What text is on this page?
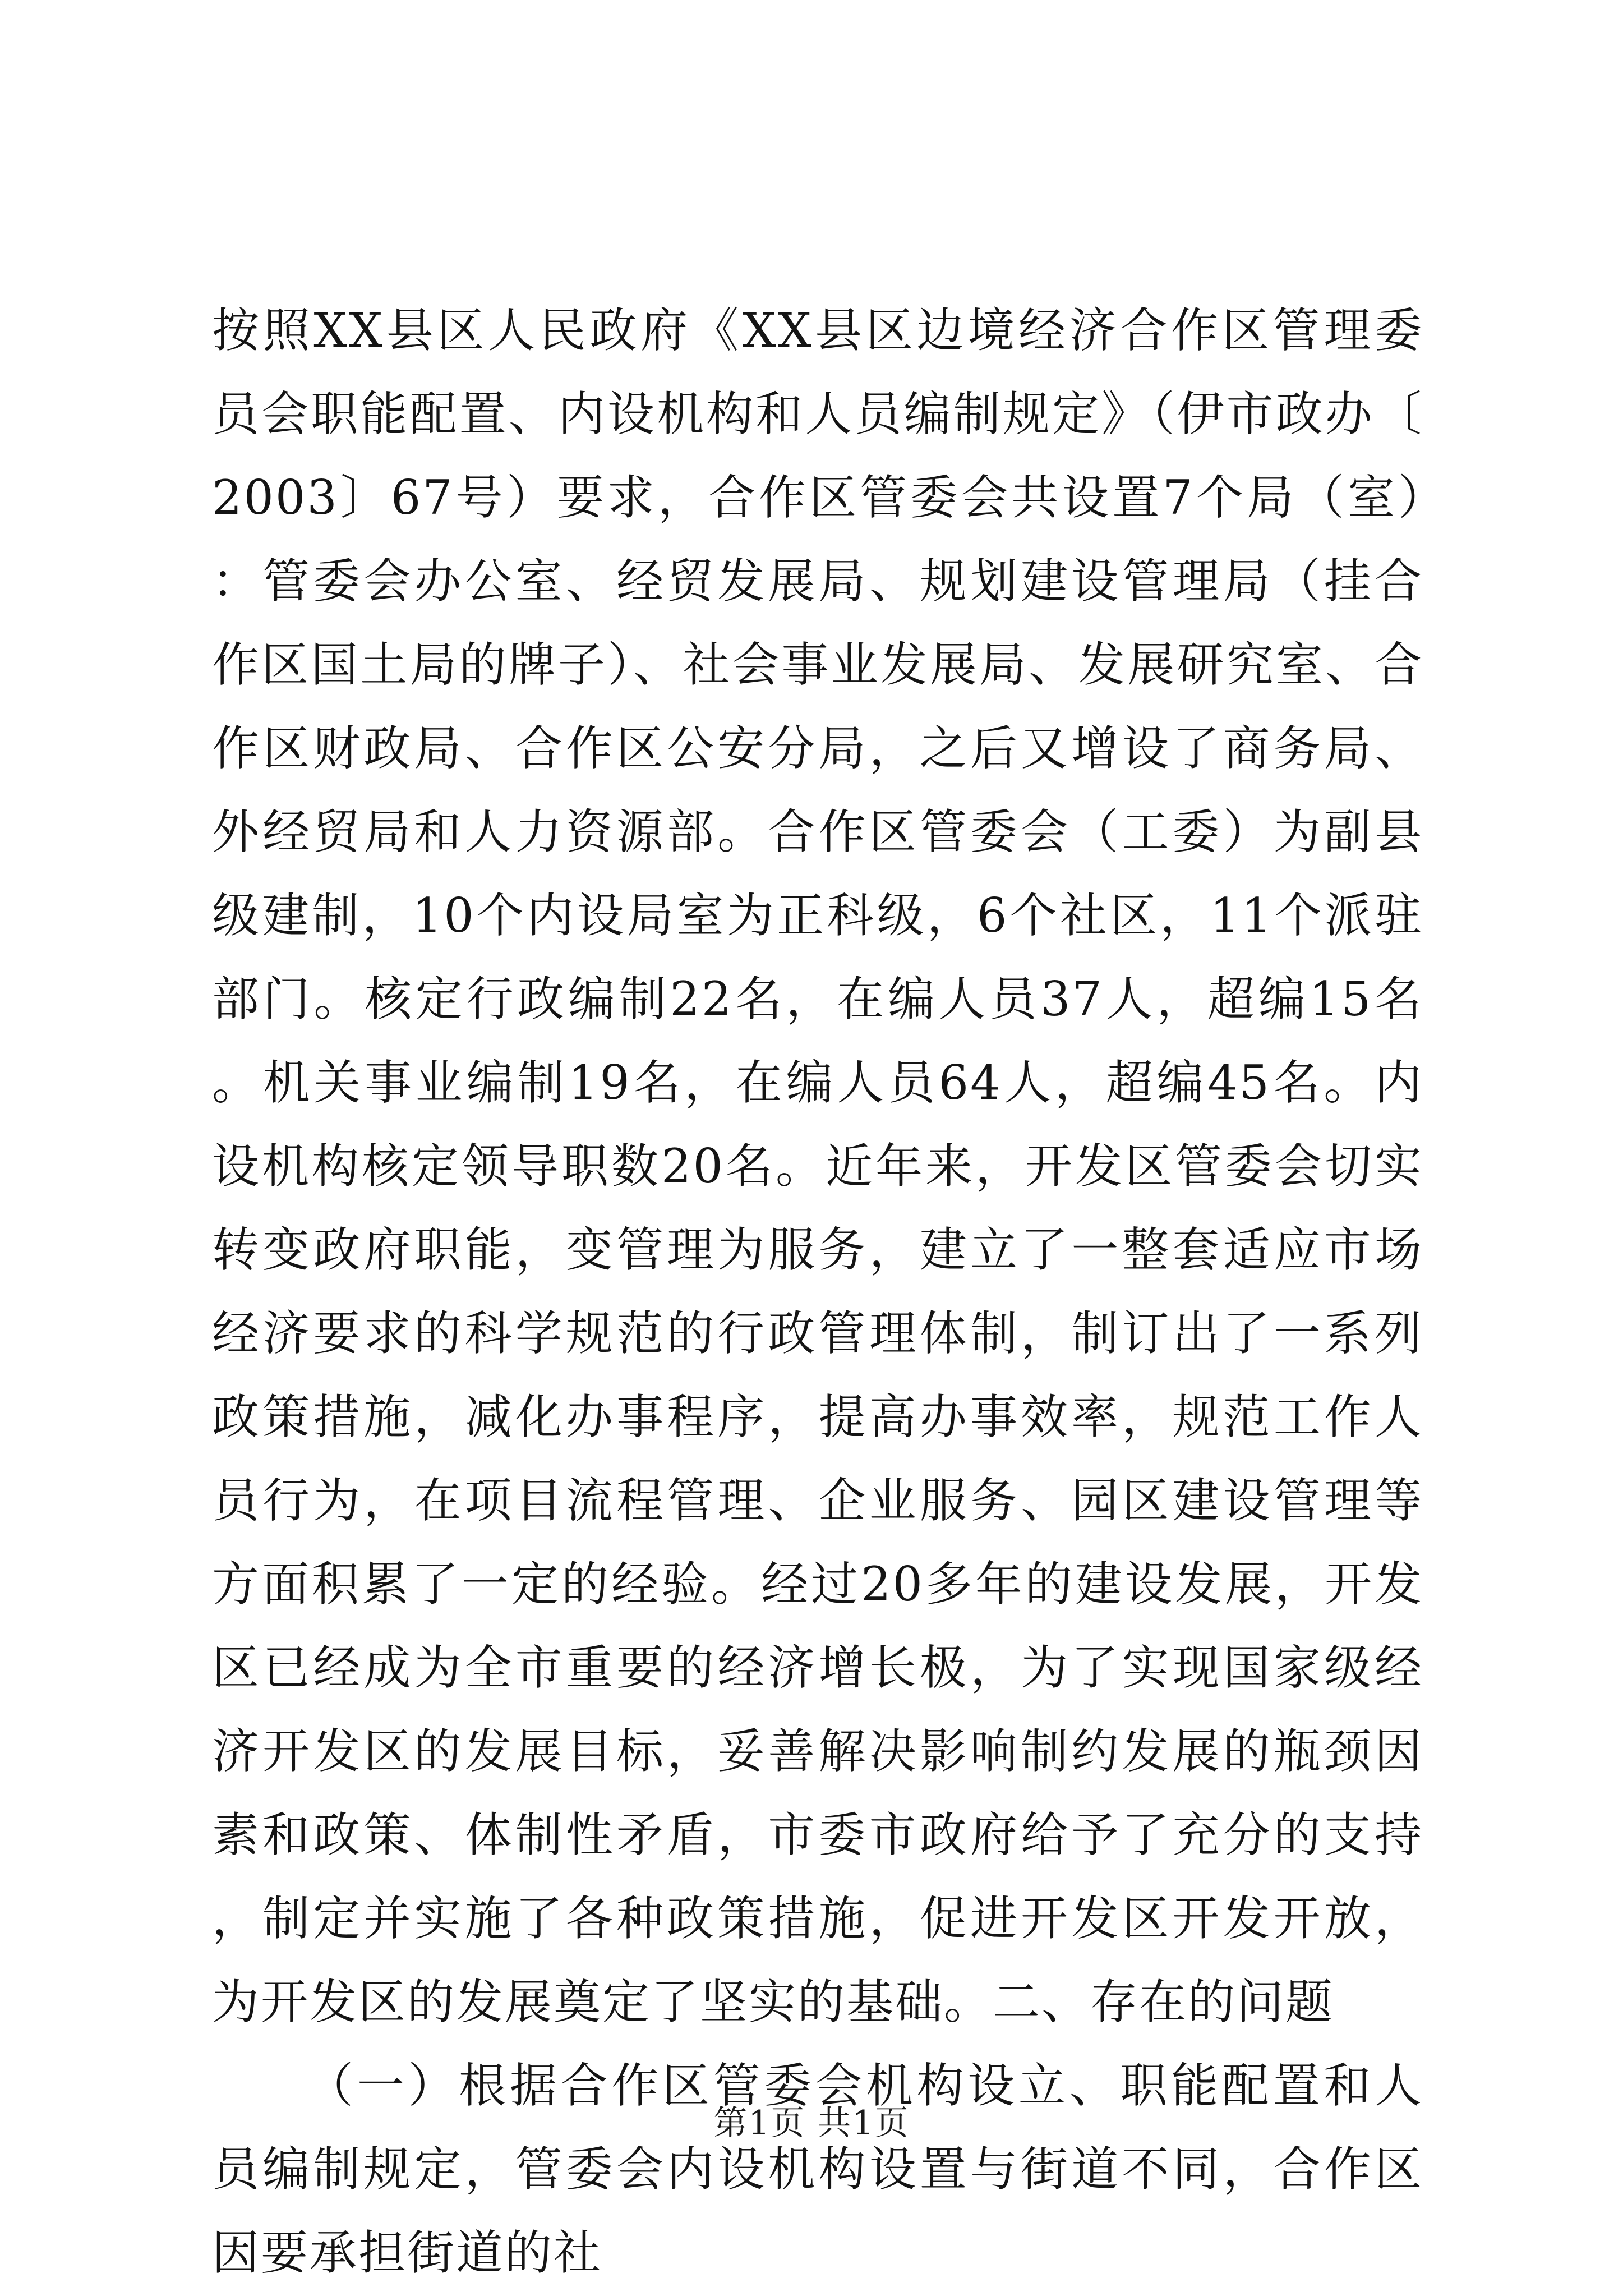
按照XX县区人民政府《XX县区边境经济合作区管理委员会职能配置、内设机构和人员编制规定》（伊市政办〔2003〕67号）要求，合作区管委会共设置7个局（室）：管委会办公室、经贸发展局、规划建设管理局（挂合作区国土局的牌子）、社会事业发展局、发展研究室、合作区财政局、合作区公安分局，之后又增设了商务局、外经贸局和人力资源部。合作区管委会（工委）为副县级建制，10个内设局室为正科级，6个社区，11个派驻部门。核定行政编制22名，在编人员37人，超编15名。机关事业编制19名，在编人员64人，超编45名。内设机构核定领导职数20名。近年来，开发区管委会切实转变政府职能，变管理为服务，建立了一整套适应市场经济要求的科学规范的行政管理体制，制订出了一系列政策措施，减化办事程序，提高办事效率，规范工作人员行为，在项目流程管理、企业服务、园区建设管理等方面积累了一定的经验。经过20多年的建设发展，开发区已经成为全市重要的经济增长极，为了实现国家级经济开发区的发展目标，妥善解决影响制约发展的瓶颈因素和政策、体制性矛盾，市委市政府给予了充分的支持，制定并实施了各种政策措施，促进开发区开发开放，为开发区的发展奠定了坚实的基础。二、存在的问题

（一）根据合作区管委会机构设立、职能配置和人员编制规定，管委会内设机构设置与街道不同，合作区因要承担街道的社

第1页 共1页
